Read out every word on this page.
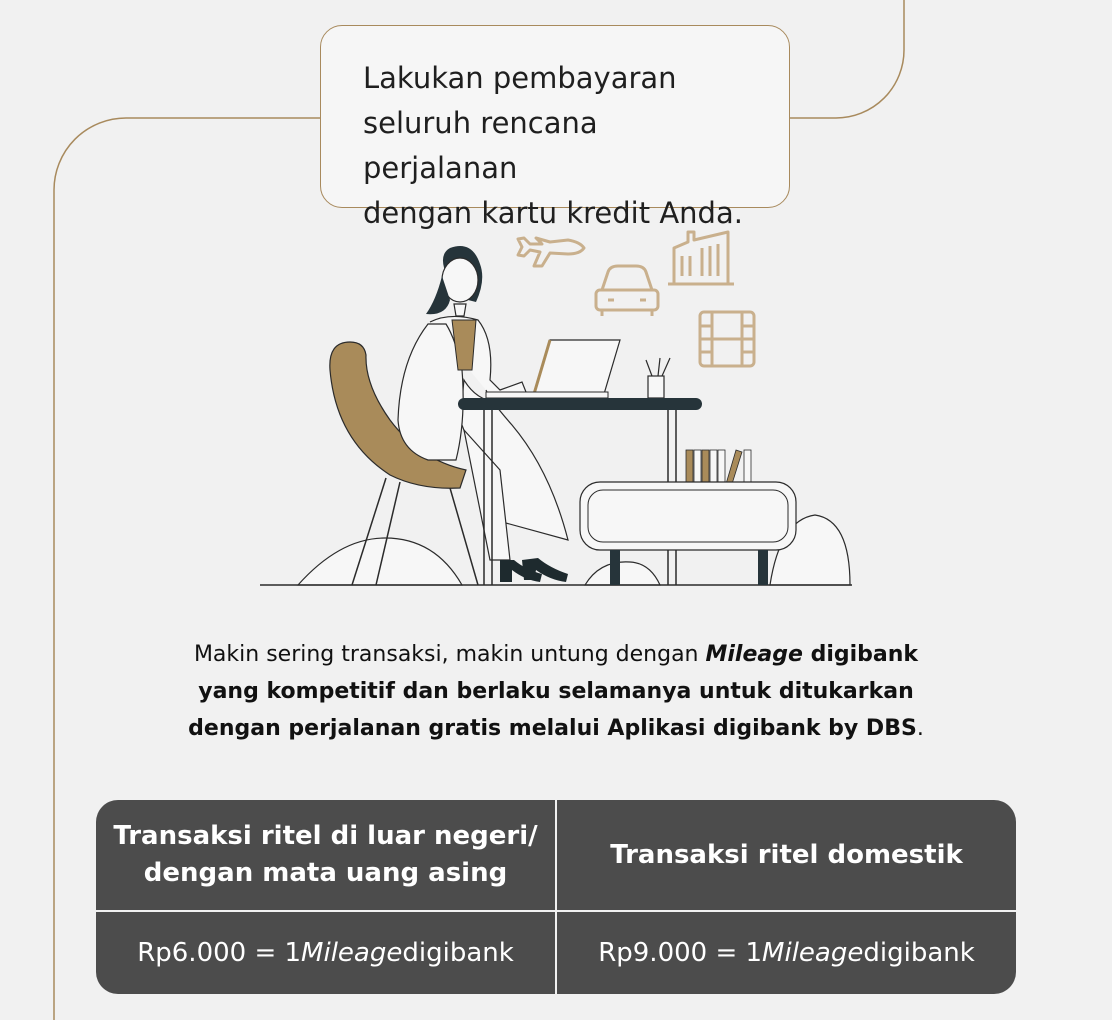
Lakukan pembayaran
seluruh rencana perjalanan
dengan kartu kredit Anda.
Makin sering transaksi, makin untung dengan Mileage digibank
yang kompetitif dan berlaku selamanya untuk ditukarkan
dengan perjalanan gratis melalui Aplikasi digibank by DBS.
Transaksi ritel di luar negeri/
dengan mata uang asing
Transaksi ritel domestik
Rp6.000 = 1 Mileage digibank	Rp9.000 = 1 Mileage digibank
